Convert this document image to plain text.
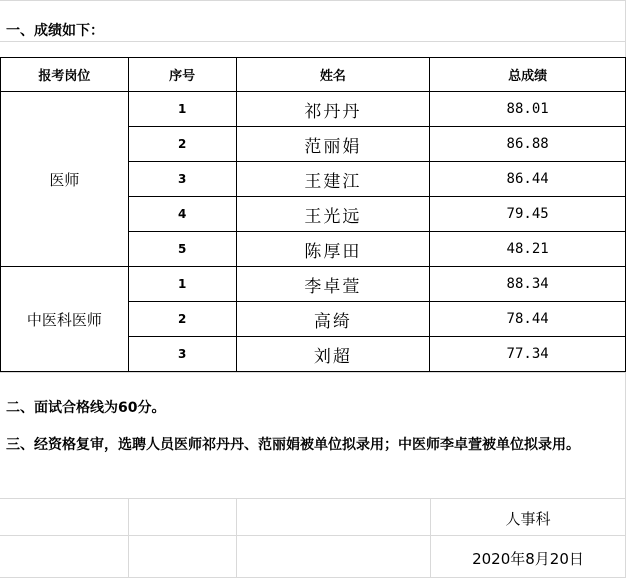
一、成绩如下：
报考岗位	序号	姓名	总成绩
医师	1	祁丹丹	88.01
	2	范丽娟	86.88
	3	王建江	86.44
	4	王光远	79.45
	5	陈厚田	48.21
中医科医师	1	李卓萱	88.34
	2	高绮	78.44
	3	刘超	77.34
二、面试合格线为60分。
三、经资格复审，选聘人员医师祁丹丹、范丽娟被单位拟录用；中医师李卓萱被单位拟录用。
人事科
2020年8月20日
